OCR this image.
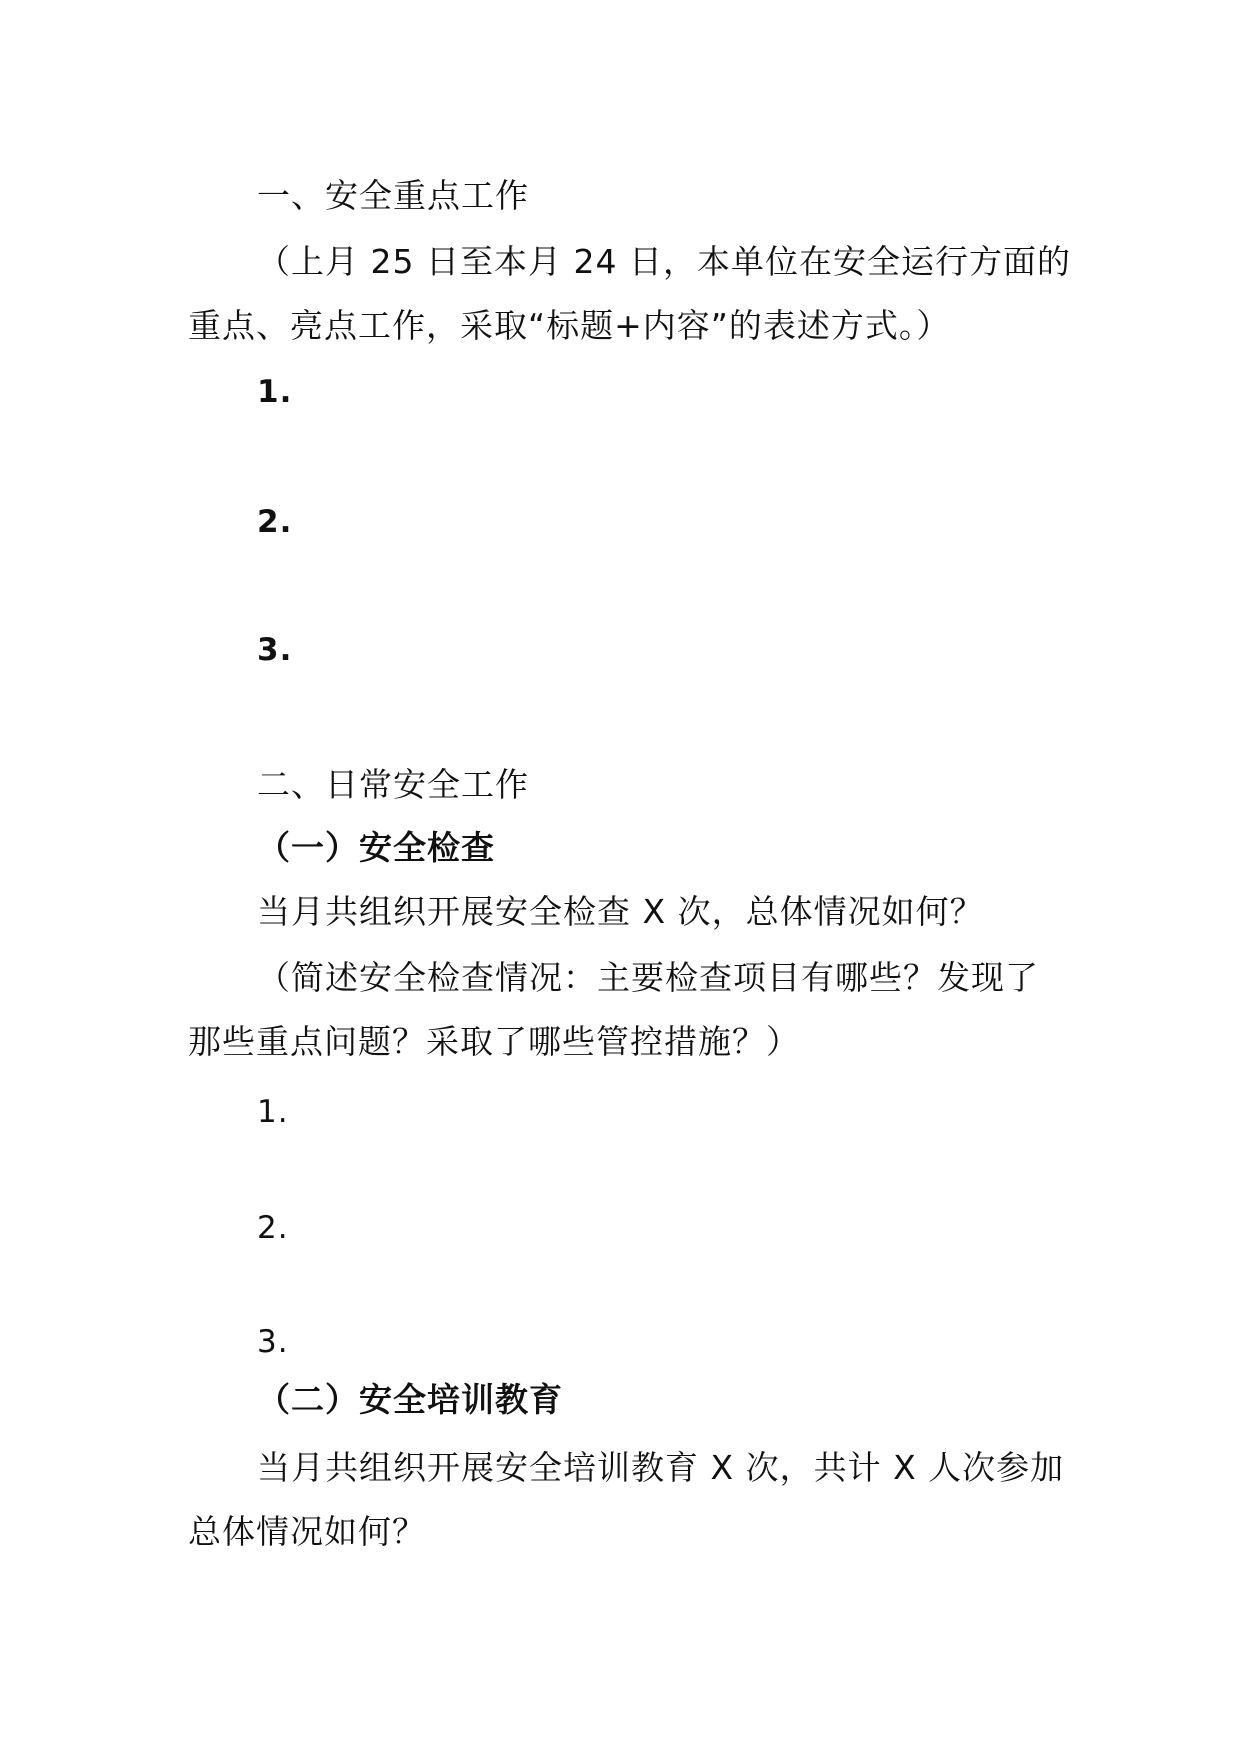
一、安全重点工作
（上月 25 日至本月 24 日，本单位在安全运行方面的
重点、亮点工作，采取“标题+内容”的表述方式。）
1.
2.
3.
二、日常安全工作
（一）安全检查
当月共组织开展安全检查 X 次，总体情况如何？
（简述安全检查情况：主要检查项目有哪些？发现了
那些重点问题？采取了哪些管控措施？）
1.
2.
3.
（二）安全培训教育
当月共组织开展安全培训教育 X 次，共计 X 人次参加
总体情况如何？
